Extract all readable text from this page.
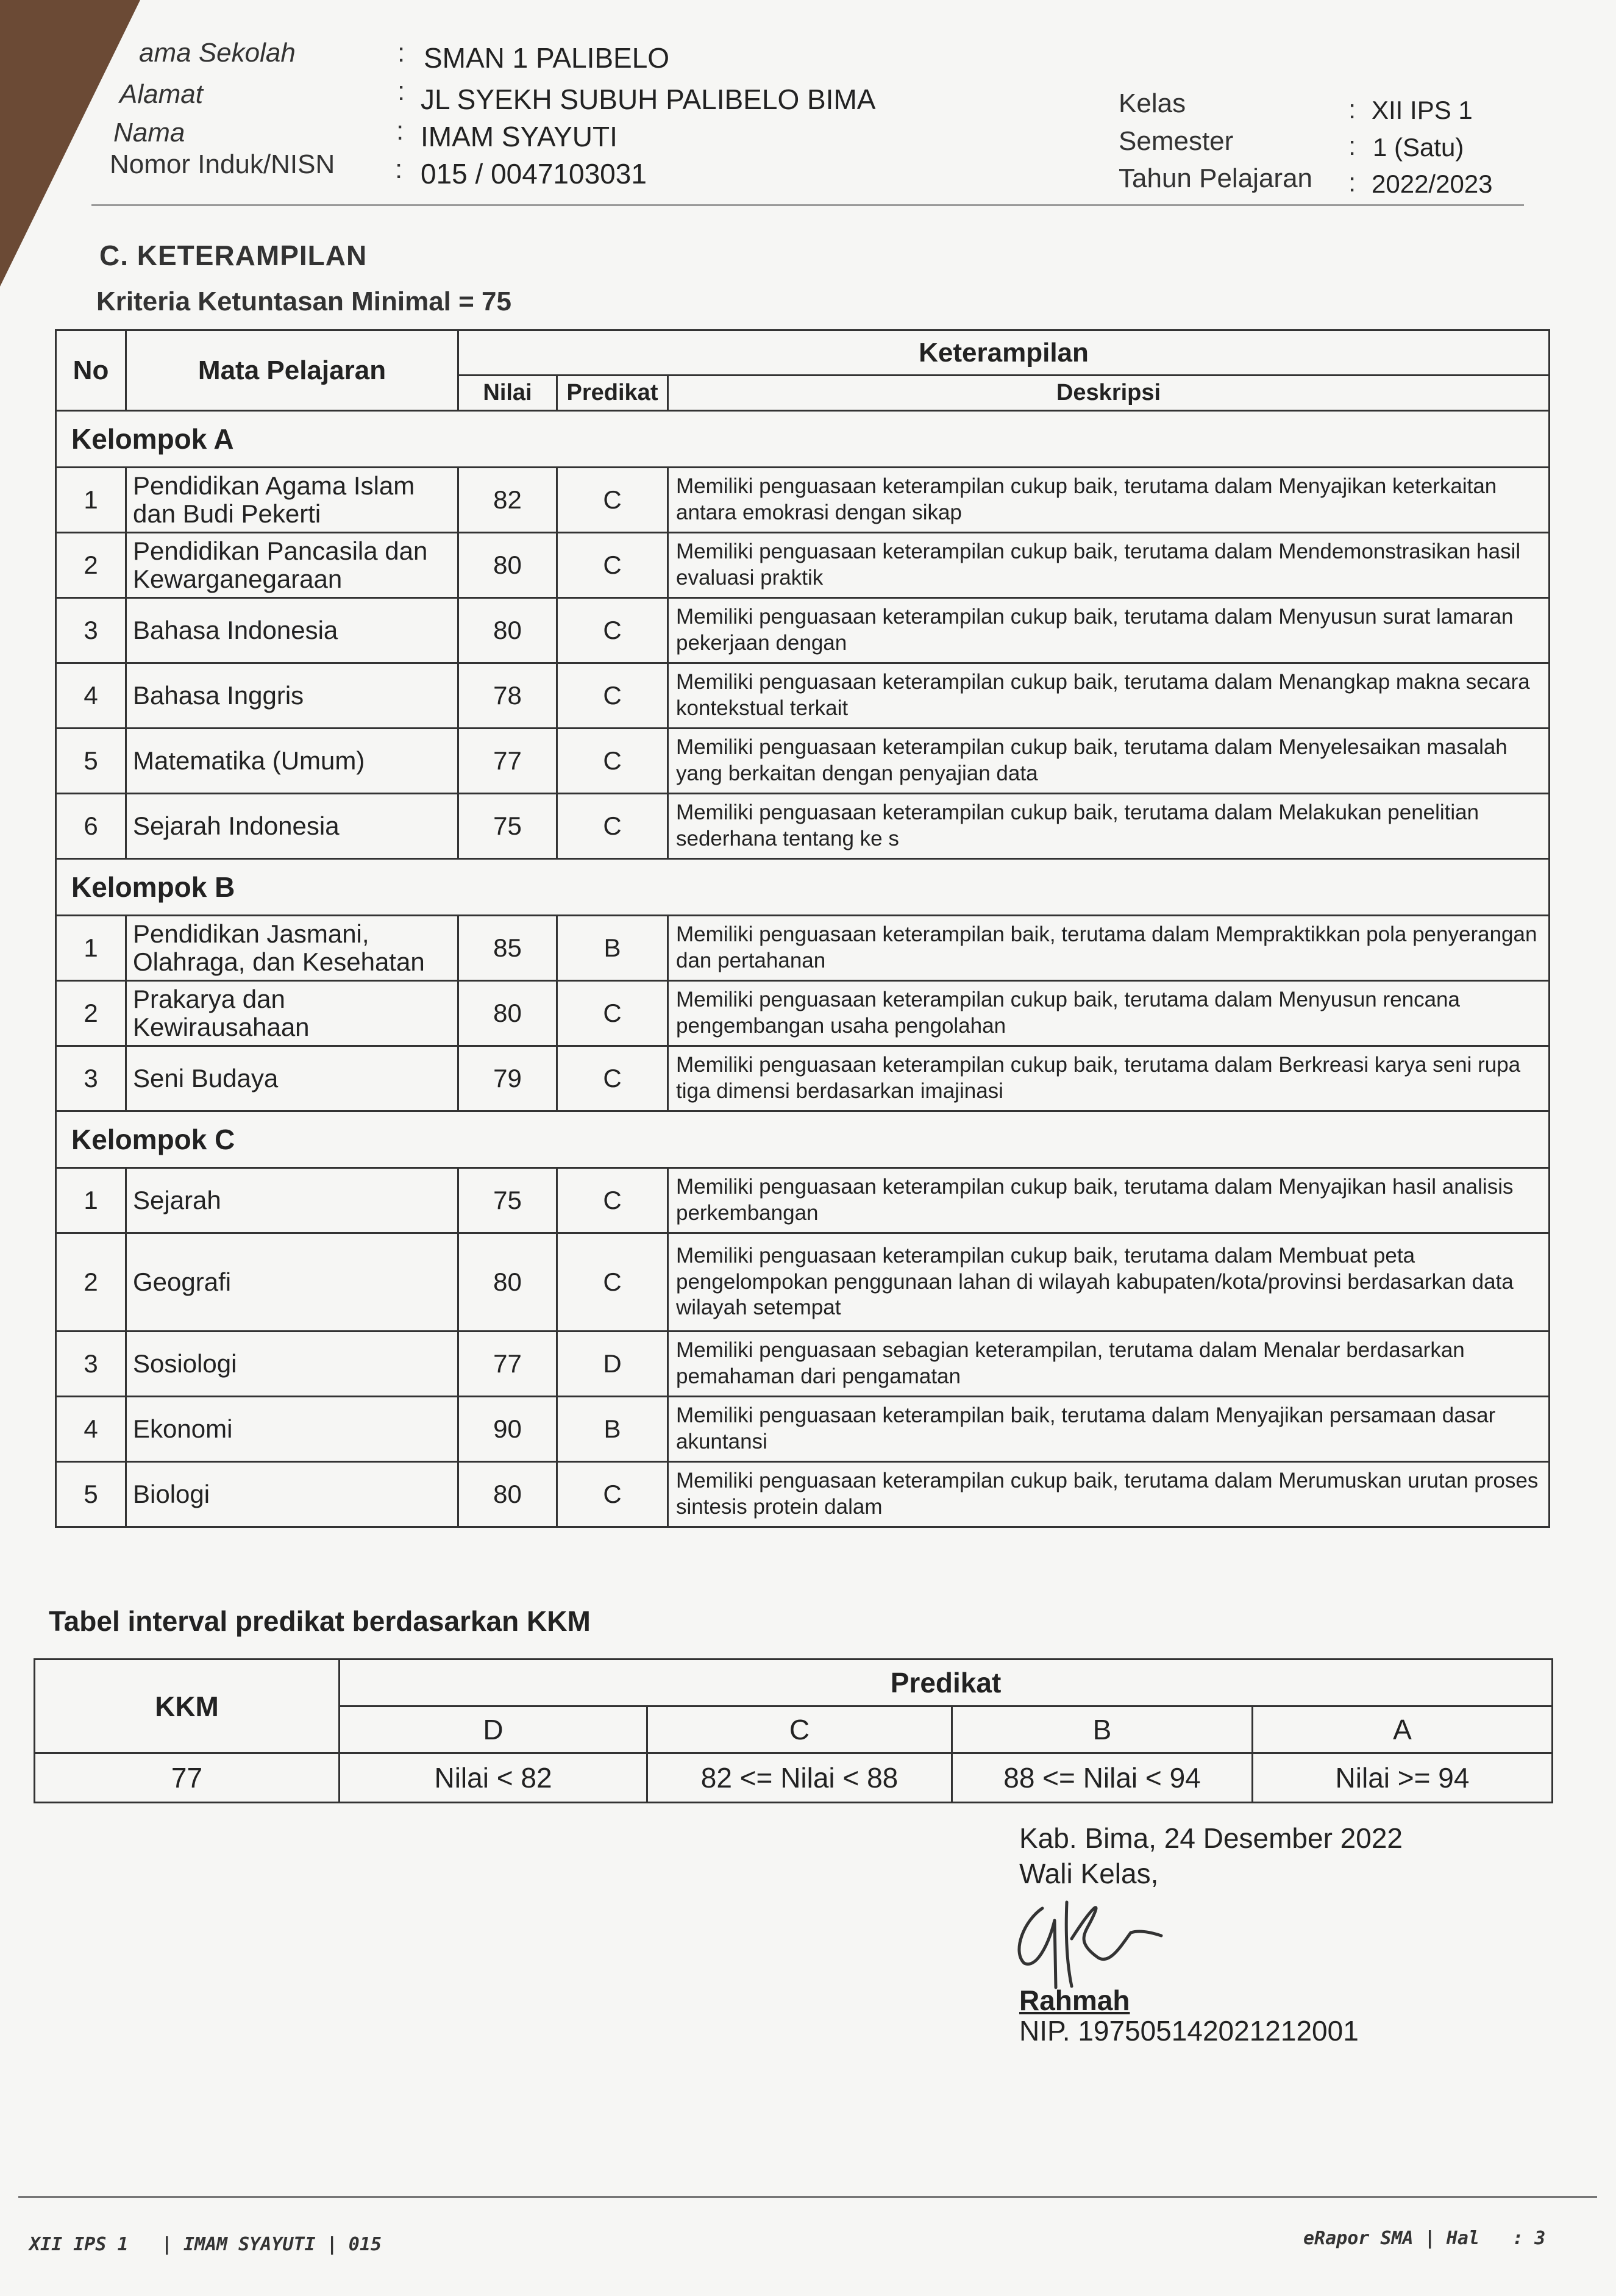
ama Sekolah	: SMAN 1 PALIBELO
Alamat	: JL SYEKH SUBUH PALIBELO BIMA
Nama	: IMAM SYAYUTI
Nomor Induk/NISN : 015 / 0047103031
Kelas	: XII IPS 1
Semester	: 1 (Satu)
Tahun Pelajaran : 2022/2023
C. KETERAMPILAN
Kriteria Ketuntasan Minimal = 75
No	Mata Pelajaran	Keterampilan		
		Nilai	Predikat	Deskripsi
Kelompok A				
1	Pendidikan Agama Islam dan Budi Pekerti	82	C	Memiliki penguasaan keterampilan cukup baik, terutama dalam Menyajikan keterkaitan antara emokrasi dengan sikap
2	Pendidikan Pancasila dan Kewarganegaraan	80	C	Memiliki penguasaan keterampilan cukup baik, terutama dalam Mendemonstrasikan hasil evaluasi praktik
3	Bahasa Indonesia	80	C	Memiliki penguasaan keterampilan cukup baik, terutama dalam Menyusun surat lamaran pekerjaan dengan
4	Bahasa Inggris	78	C	Memiliki penguasaan keterampilan cukup baik, terutama dalam Menangkap makna secara kontekstual terkait
5	Matematika (Umum)	77	C	Memiliki penguasaan keterampilan cukup baik, terutama dalam Menyelesaikan masalah yang berkaitan dengan penyajian data
6	Sejarah Indonesia	75	C	Memiliki penguasaan keterampilan cukup baik, terutama dalam Melakukan penelitian sederhana tentang ke s
Kelompok B				
1	Pendidikan Jasmani, Olahraga, dan Kesehatan	85	B	Memiliki penguasaan keterampilan baik, terutama dalam Mempraktikkan pola penyerangan dan pertahanan
2	Prakarya dan Kewirausahaan	80	C	Memiliki penguasaan keterampilan cukup baik, terutama dalam Menyusun rencana pengembangan usaha pengolahan
3	Seni Budaya	79	C	Memiliki penguasaan keterampilan cukup baik, terutama dalam Berkreasi karya seni rupa tiga dimensi berdasarkan imajinasi
Kelompok C				
1	Sejarah	75	C	Memiliki penguasaan keterampilan cukup baik, terutama dalam Menyajikan hasil analisis perkembangan
2	Geografi	80	C	Memiliki penguasaan keterampilan cukup baik, terutama dalam Membuat peta pengelompokan penggunaan lahan di wilayah kabupaten/kota/provinsi berdasarkan data wilayah setempat
3	Sosiologi	77	D	Memiliki penguasaan sebagian keterampilan, terutama dalam Menalar berdasarkan pemahaman dari pengamatan
4	Ekonomi	90	B	Memiliki penguasaan keterampilan baik, terutama dalam Menyajikan persamaan dasar akuntansi
5	Biologi	80	C	Memiliki penguasaan keterampilan cukup baik, terutama dalam Merumuskan urutan proses sintesis protein dalam
Tabel interval predikat berdasarkan KKM
KKM	Predikat			
	D	C	B	A
77	Nilai < 82	82 <= Nilai < 88	88 <= Nilai < 94	Nilai >= 94
Kab. Bima, 24 Desember 2022
Wali Kelas,
Rahmah
NIP. 197505142021212001
XII IPS 1   | IMAM SYAYUTI | 015	eRapor SMA | Hal   : 3
